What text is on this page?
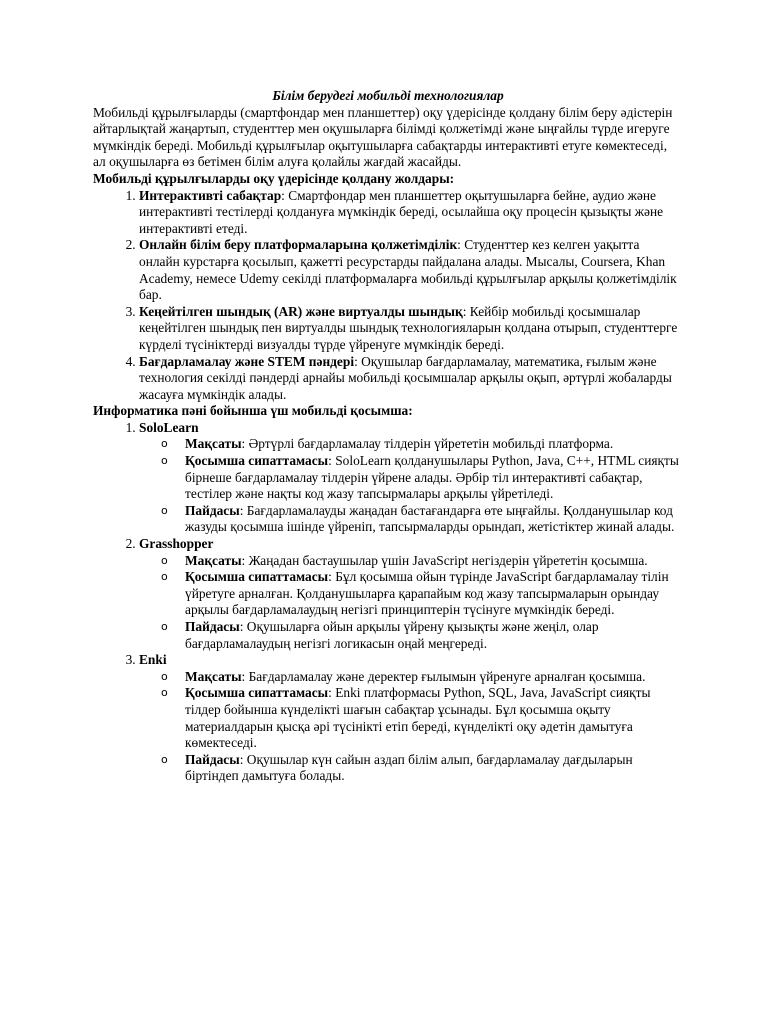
Білім берудегі мобильді технологиялар

Мобильді құрылғыларды (смартфондар мен планшеттер) оқу үдерісінде қолдану білім беру әдістерін айтарлықтай жаңартып, студенттер мен оқушыларға білімді қолжетімді және ыңғайлы түрде игеруге мүмкіндік береді. Мобильді құрылғылар оқытушыларға сабақтарды интерактивті етуге көмектеседі, ал оқушыларға өз бетімен білім алуға қолайлы жағдай жасайды.

Мобильді құрылғыларды оқу үдерісінде қолдану жолдары:

1. Интерактивті сабақтар: Смартфондар мен планшеттер оқытушыларға бейне, аудио және интерактивті тестілерді қолдануға мүмкіндік береді, осылайша оқу процесін қызықты және интерактивті етеді.
2. Онлайн білім беру платформаларына қолжетімділік: Студенттер кез келген уақытта онлайн курстарға қосылып, қажетті ресурстарды пайдалана алады. Мысалы, Coursera, Khan Academy, немесе Udemy секілді платформаларға мобильді құрылғылар арқылы қолжетімділік бар.
3. Кеңейтілген шындық (AR) және виртуалды шындық: Кейбір мобильді қосымшалар кеңейтілген шындық пен виртуалды шындық технологияларын қолдана отырып, студенттерге күрделі түсініктерді визуалды түрде үйренуге мүмкіндік береді.
4. Бағдарламалау және STEM пәндері: Оқушылар бағдарламалау, математика, ғылым және технология секілді пәндерді арнайы мобильді қосымшалар арқылы оқып, әртүрлі жобаларды жасауға мүмкіндік алады.

Информатика пәні бойынша үш мобильді қосымша:

1. SoloLearn
o Мақсаты: Әртүрлі бағдарламалау тілдерін үйрететін мобильді платформа.
o Қосымша сипаттамасы: SoloLearn қолданушылары Python, Java, C++, HTML сияқты бірнеше бағдарламалау тілдерін үйрене алады. Әрбір тіл интерактивті сабақтар, тестілер және нақты код жазу тапсырмалары арқылы үйретіледі.
o Пайдасы: Бағдарламалауды жаңадан бастағандарға өте ыңғайлы. Қолданушылар код жазуды қосымша ішінде үйреніп, тапсырмаларды орындап, жетістіктер жинай алады.
2. Grasshopper
o Мақсаты: Жаңадан бастаушылар үшін JavaScript негіздерін үйрететін қосымша.
o Қосымша сипаттамасы: Бұл қосымша ойын түрінде JavaScript бағдарламалау тілін үйретуге арналған. Қолданушыларға қарапайым код жазу тапсырмаларын орындау арқылы бағдарламалаудың негізгі принциптерін түсінуге мүмкіндік береді.
o Пайдасы: Оқушыларға ойын арқылы үйрену қызықты және жеңіл, олар бағдарламалаудың негізгі логикасын оңай меңгереді.
3. Enki
o Мақсаты: Бағдарламалау және деректер ғылымын үйренуге арналған қосымша.
o Қосымша сипаттамасы: Enki платформасы Python, SQL, Java, JavaScript сияқты тілдер бойынша күнделікті шағын сабақтар ұсынады. Бұл қосымша оқыту материалдарын қысқа әрі түсінікті етіп береді, күнделікті оқу әдетін дамытуға көмектеседі.
o Пайдасы: Оқушылар күн сайын аздап білім алып, бағдарламалау дағдыларын біртіндеп дамытуға болады.
